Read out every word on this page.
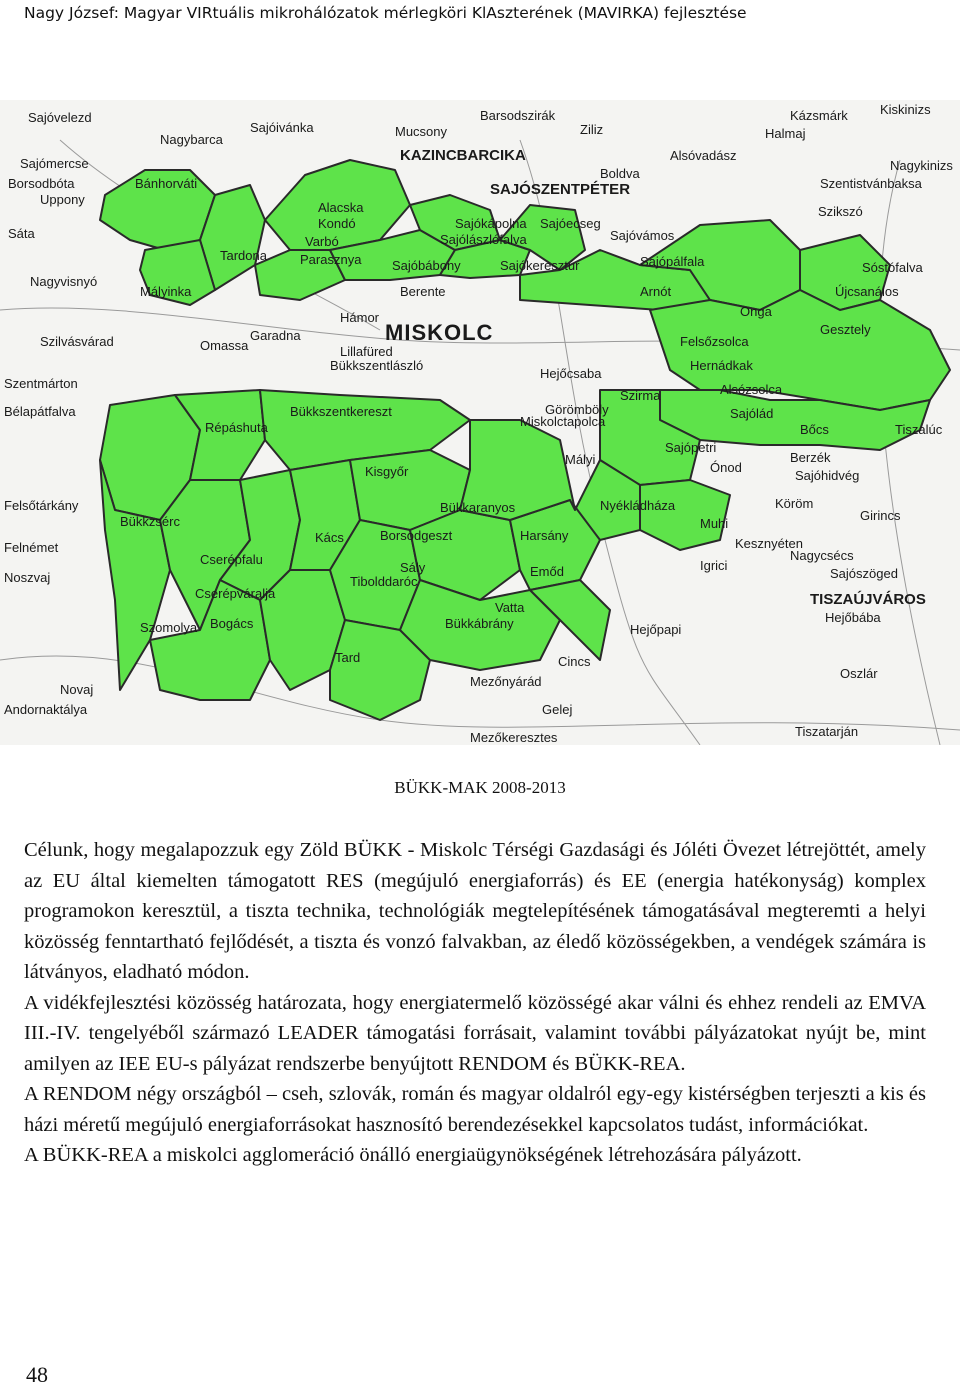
Nagy József: Magyar VIRtuális mikrohálózatok mérlegköri KlAszterének (MAVIRKA) fejlesztése
Sajóvelezd
Mucsony
Barsodszirák	Kázsmárk Kiskinizs
Nagybarca
Sajóivánka	Ziliz	Halmaj
Sajómercse	KAZINCBARCIKA
Boldva
Alsóvadász
Nagykinizs
Borsodbóta	Bánhorváti	SAJÓSZENTPÉTER	Szentistvánbaksa
Uppony
Alacska
Sajókápolna
Szikszó
Sáta
Kondó
Sajólászlófalva
Sajóecseg
Sajóvámos
Tardona
Varbó
Parasznya Sajóbábony	Sajókeresztúr	Sajópálfala	Sóstófalva
Nagyvisnyó
Mályinka	Berente	Arnót	Újcsanálos
MISKOLC
Hámor
Garadna
Onga
Gesztely
Szilvásvárad	Omassa	Lillafüred
Bükkszentlászló
Hejőcsaba
Felsőzsolca
Hernádkak
Szentmárton	Alsózsolca
Bükkszentkereszt	Görömböly
Szirma
Bélapátfalva
Répáshuta	Miskolctapolca
Sajólád
Bőcs	Tiszalúc
Mályi
Sajópetri
Berzék
Kisgyőr	Ónod
Sajóhidvég
Felsőtárkány
Bükkzsérc
Bükkaranyos	Nyékládháza	Köröm
Girincs
Felnémet
Kács	Borsodgeszt	Harsány
Muhi
Kesznyéten
Noszvaj
Cserépfalu
Tibolddaróc
Sály	Emőd	Igrici
Cserépváralja
Vatta
Nagycsécs
Sajószöged
Bogács	Bükkábrány	Hejőpapi
TISZAÚJVÁROS
Szomolya
Tard
Hejőbába
Andornaktálya
Oszlár
Novaj
Mezőnyárád
Mezőkeresztes	Tiszatarján
Gelej
Cincs
BÜKK-MAK 2008-2013

Célunk, hogy megalapozzuk egy Zöld BÜKK - Miskolc Térségi Gazdasági és Jóléti Övezet létrejöttét, amely az EU által kiemelten támogatott RES (megújuló energiaforrás) és EE (energia hatékonyság) komplex programokon keresztül, a tiszta technika, technológiák megtelepítésének támogatásával megteremti a helyi közösség fenntartható fejlődését, a tiszta és vonzó falvakban, az éledő közösségekben, a vendégek számára is látványos, eladható módon.

A vidékfejlesztési közösség határozata, hogy energiatermelő közösségé akar válni és ehhez rendeli az EMVA III.-IV. tengelyéből származó LEADER támogatási forrásait, valamint további pályázatokat nyújt be, mint amilyen az IEE EU-s pályázat rendszerbe benyújtott RENDOM és BÜKK-REA.

A RENDOM négy országból – cseh, szlovák, román és magyar oldalról egy-egy kistérségben terjeszti a kis és házi méretű megújuló energiaforrásokat hasznosító berendezésekkel kapcsolatos tudást, információkat.

A BÜKK-REA a miskolci agglomeráció önálló energiaügynökségének létrehozására pályázott.

48
